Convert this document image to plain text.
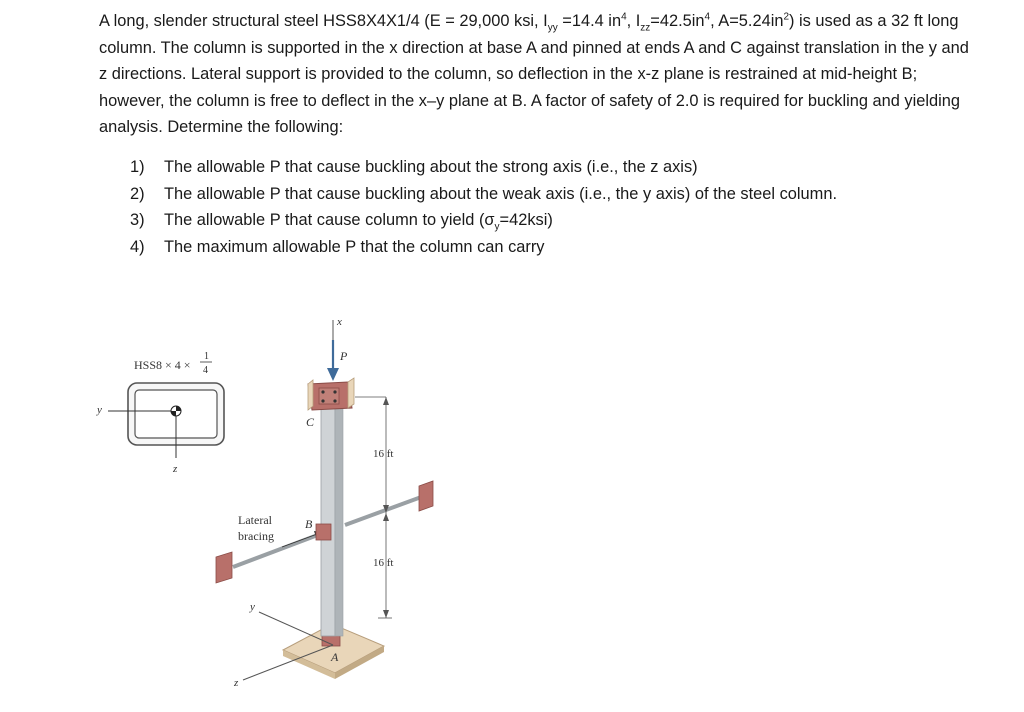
A long, slender structural steel HSS8X4X1/4 (E = 29,000 ksi, $I_{yy} =14.4$ $in^4$, $I_{zz}=42.5in^4$, $A=5.24in^2$) is used as a 32 ft long column. The column is supported in the x direction at base A and pinned at ends A and C against translation in the y and z directions. Lateral support is provided to the column, so deflection in the x-z plane is restrained at mid-height B; however, the column is free to deflect in the x–y plane at B. A factor of safety of 2.0 is required for buckling and yielding analysis. Determine the following:

1) The allowable P that cause buckling about the strong axis (i.e., the z axis)
2) The allowable P that cause buckling about the weak axis (i.e., the y axis) of the steel column.
3) The allowable P that cause column to yield $(\sigma_y=42ksi)$
4) The maximum allowable P that the column can carry
HSS8 × 4 ×
1
4
y
z
y
z
A
Lateral
bracing
B
C
x
P
16 ft
16 ft
